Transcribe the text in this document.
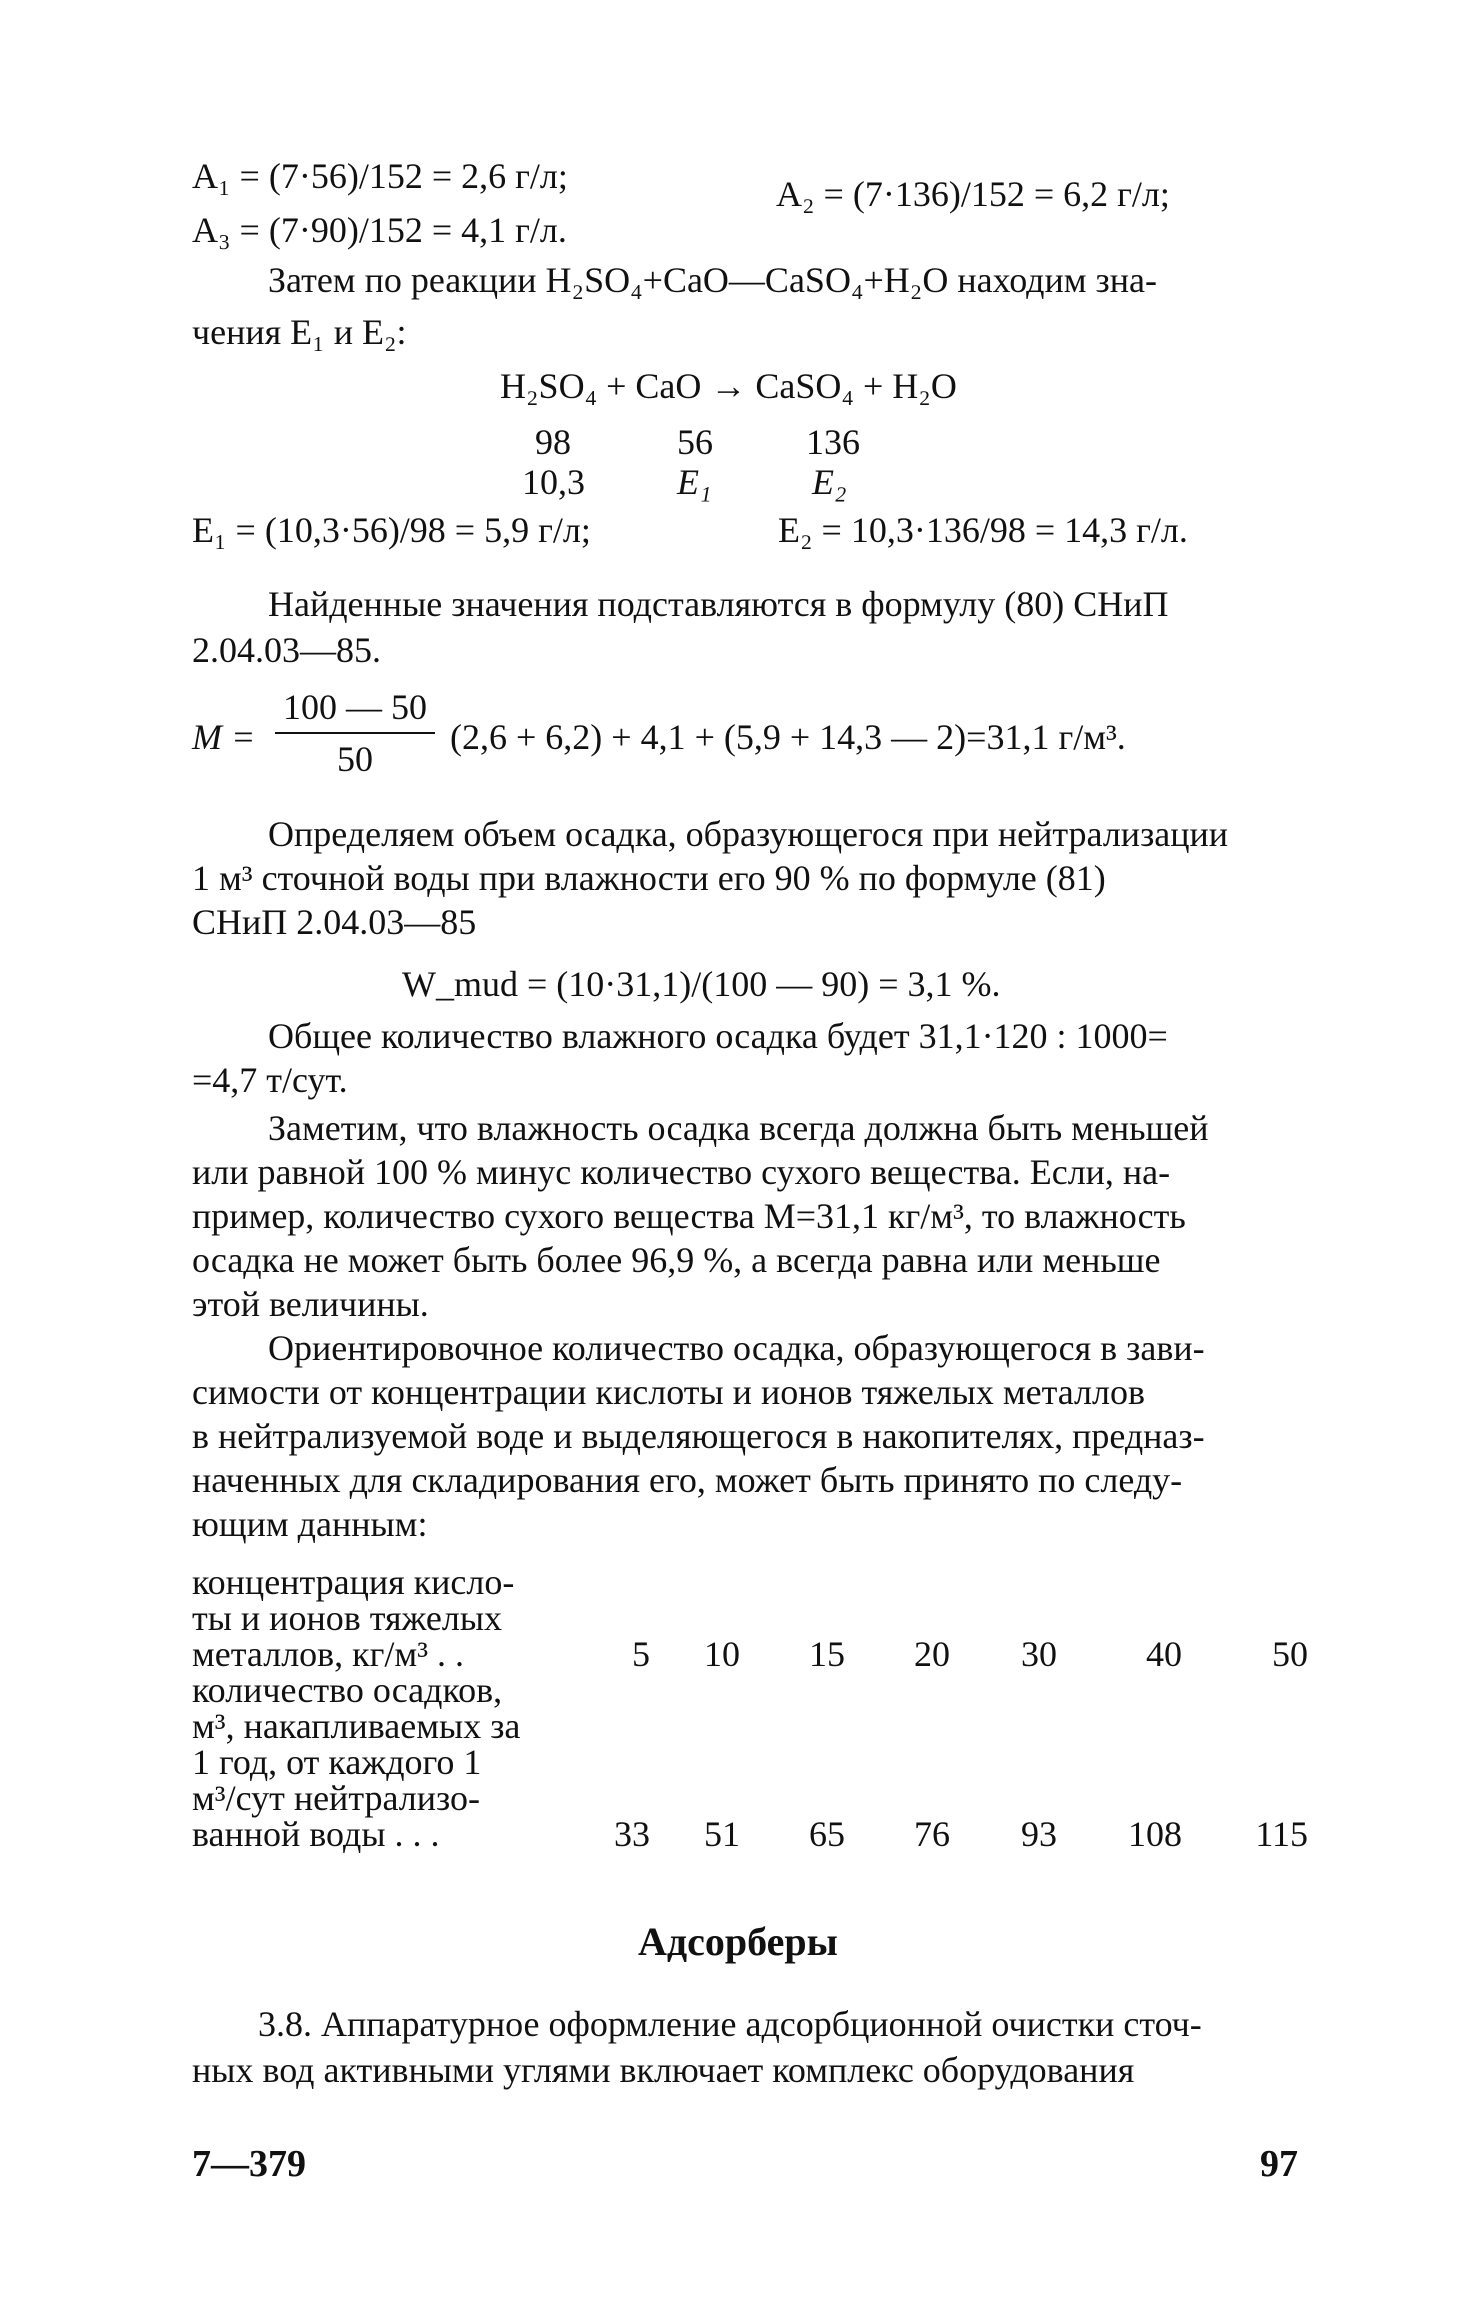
A₁ = (7·56)/152 = 2,6 г/л;	A₂ = (7·136)/152 = 6,2 г/л;
A₃ = (7·90)/152 = 4,1 г/л.
Затем по реакции H₂SO₄+CaO—CaSO₄+H₂O находим зна-
чения E₁ и E₂:
H₂SO₄ + CaO → CaSO₄ + H₂O
98	56	136
10,3	E₁	E₂
E₁ = (10,3·56)/98 = 5,9 г/л;	E₂ = 10,3·136/98 = 14,3 г/л.
Найденные значения подставляются в формулу (80) СНиП
2.04.03—85.
M =
100 — 50
50
(2,6 + 6,2) + 4,1 + (5,9 + 14,3 — 2)=31,1 г/м³.
Определяем объем осадка, образующегося при нейтрализации
1 м³ сточной воды при влажности его 90 % по формуле (81)
СНиП 2.04.03—85
W_mud = (10·31,1)/(100 — 90) = 3,1 %.
Общее количество влажного осадка будет 31,1·120 : 1000=
=4,7 т/сут.
Заметим, что влажность осадка всегда должна быть меньшей
или равной 100 % минус количество сухого вещества. Если, на-
пример, количество сухого вещества M=31,1 кг/м³, то влажность
осадка не может быть более 96,9 %, а всегда равна или меньше
этой величины.
Ориентировочное количество осадка, образующегося в зави-
симости от концентрации кислоты и ионов тяжелых металлов
в нейтрализуемой воде и выделяющегося в накопителях, предназ-
наченных для складирования его, может быть принято по следу-
ющим данным:
концентрация кисло-
ты и ионов тяжелых
металлов, кг/м³ . .	5	10	15	20	30	40	50
количество осадков,
м³, накапливаемых за
1 год, от каждого 1
м³/сут нейтрализо-
ванной воды . . .	33	51	65	76	93 108 115
Адсорберы
3.8. Аппаратурное оформление адсорбционной очистки сточ-
ных вод активными углями включает комплекс оборудования
7—379	97
